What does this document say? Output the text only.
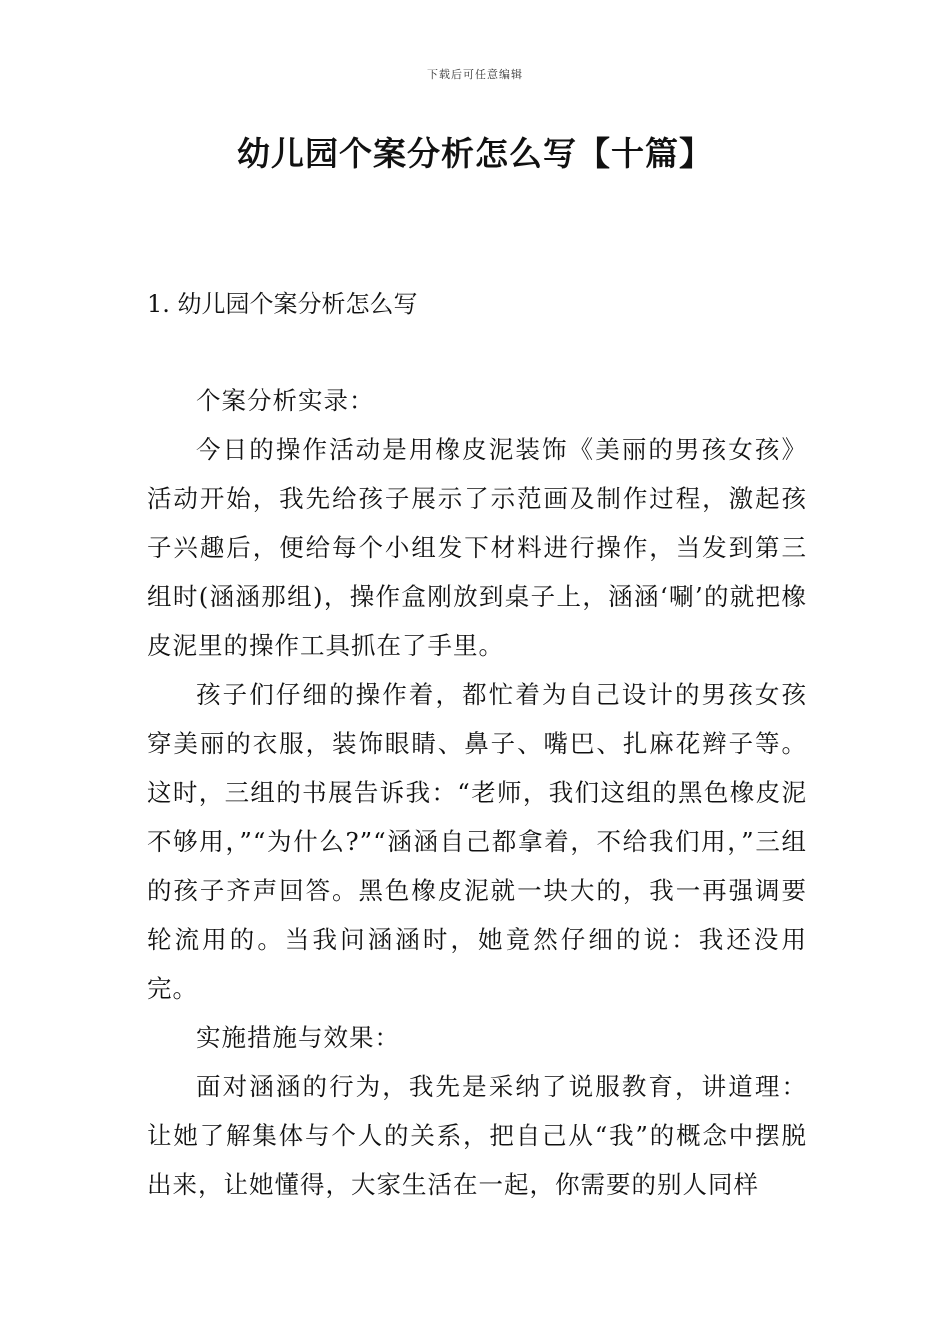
下载后可任意编辑
幼儿园个案分析怎么写【十篇】
1. 幼儿园个案分析怎么写

个案分析实录：

今日的操作活动是用橡皮泥装饰《美丽的男孩女孩》活动开始，我先给孩子展示了示范画及制作过程，激起孩子兴趣后，便给每个小组发下材料进行操作，当发到第三组时(涵涵那组)，操作盒刚放到桌子上，涵涵‘唰’的就把橡皮泥里的操作工具抓在了手里。

孩子们仔细的操作着，都忙着为自己设计的男孩女孩穿美丽的衣服，装饰眼睛、鼻子、嘴巴、扎麻花辫子等。这时，三组的书展告诉我：“老师，我们这组的黑色橡皮泥不够用，”“为什么?”“涵涵自己都拿着，不给我们用，”三组的孩子齐声回答。黑色橡皮泥就一块大的，我一再强调要轮流用的。当我问涵涵时，她竟然仔细的说：我还没用完。

实施措施与效果：

面对涵涵的行为，我先是采纳了说服教育，讲道理：让她了解集体与个人的关系，把自己从“我”的概念中摆脱出来，让她懂得，大家生活在一起，你需要的别人同样
